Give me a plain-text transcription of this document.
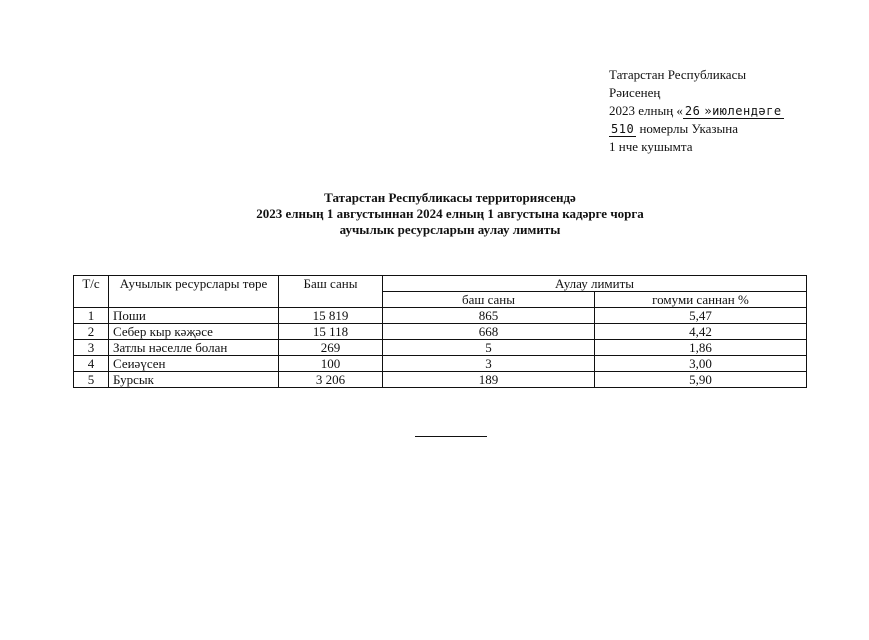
Татарстан Республикасы
Рәисенең
2023 елның « 26 »июлендәге
510 номерлы Указына
1 нче кушымта
Татарстан Республикасы территориясендә
2023 елның 1 августыннан 2024 елның 1 августына кадәрге чорга
аучылык ресурсларын аулау лимиты
Т/с	Аучылык ресурслары төре	Баш саны	Аулау лимиты	
			баш саны	гомуми саннан %
1	Поши	15 819	865	5,47
2	Себер кыр кәҗәсе	15 118	668	4,42
3	Затлы нәселле болан	269	5	1,86
4	Сеиәүсен	100	3	3,00
5	Бурсык	3 206	189	5,90
